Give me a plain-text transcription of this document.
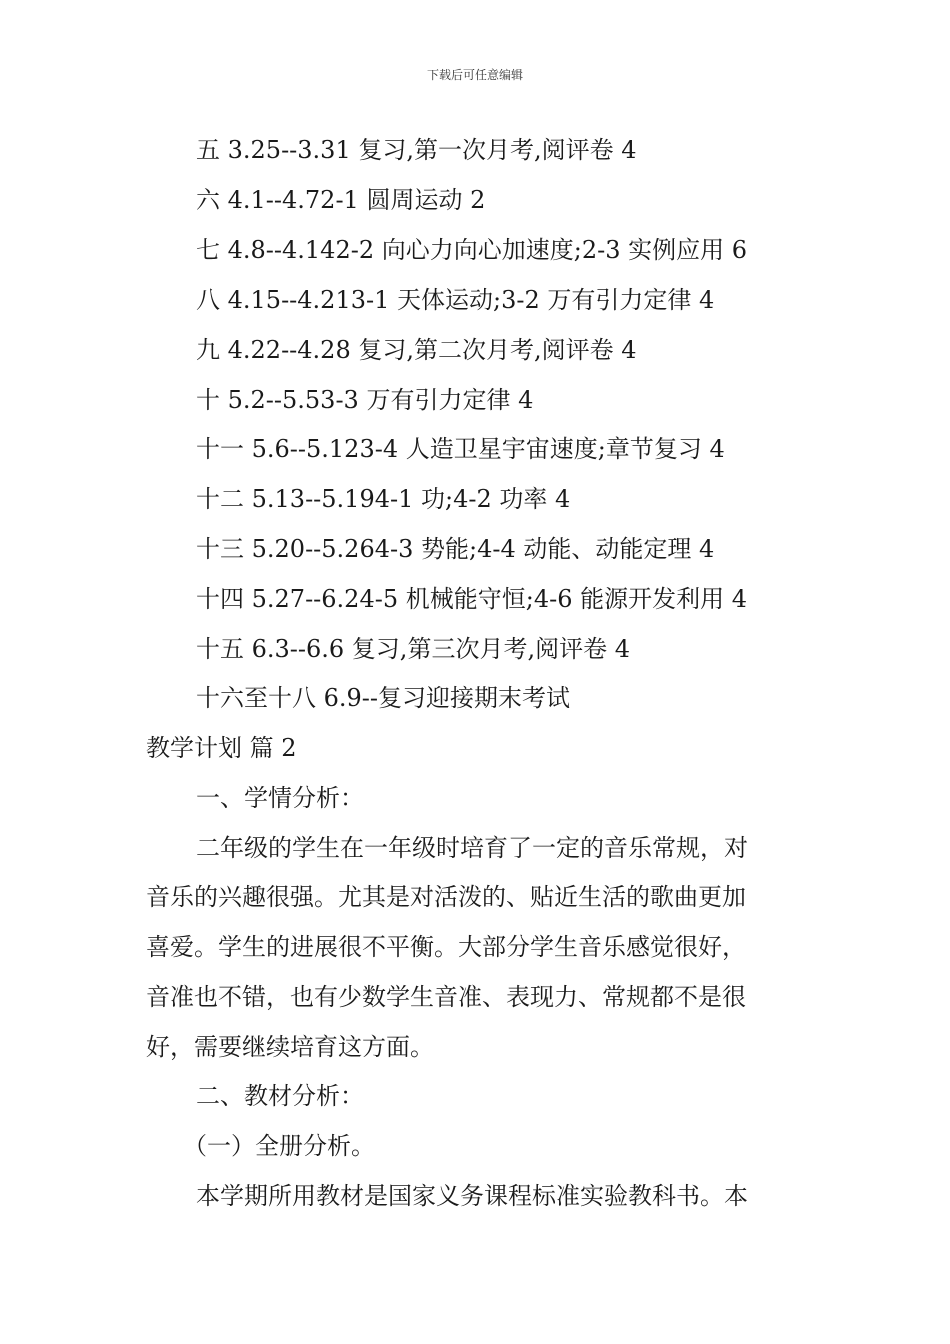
下载后可任意编辑
五 3.25--3.31 复习,第一次月考,阅评卷 4
六 4.1--4.72-1 圆周运动 2
七 4.8--4.142-2 向心力向心加速度;2-3 实例应用 6
八 4.15--4.213-1 天体运动;3-2 万有引力定律 4
九 4.22--4.28 复习,第二次月考,阅评卷 4
十 5.2--5.53-3 万有引力定律 4
十一 5.6--5.123-4 人造卫星宇宙速度;章节复习 4
十二 5.13--5.194-1 功;4-2 功率 4
十三 5.20--5.264-3 势能;4-4 动能、动能定理 4
十四 5.27--6.24-5 机械能守恒;4-6 能源开发利用 4
十五 6.3--6.6 复习,第三次月考,阅评卷 4
十六至十八 6.9--复习迎接期末考试
教学计划 篇 2
一、学情分析：
二年级的学生在一年级时培育了一定的音乐常规，对
音乐的兴趣很强。尤其是对活泼的、贴近生活的歌曲更加
喜爱。学生的进展很不平衡。大部分学生音乐感觉很好，
音准也不错，也有少数学生音准、表现力、常规都不是很
好，需要继续培育这方面。
二、教材分析：
（一）全册分析。
本学期所用教材是国家义务课程标准实验教科书。本
